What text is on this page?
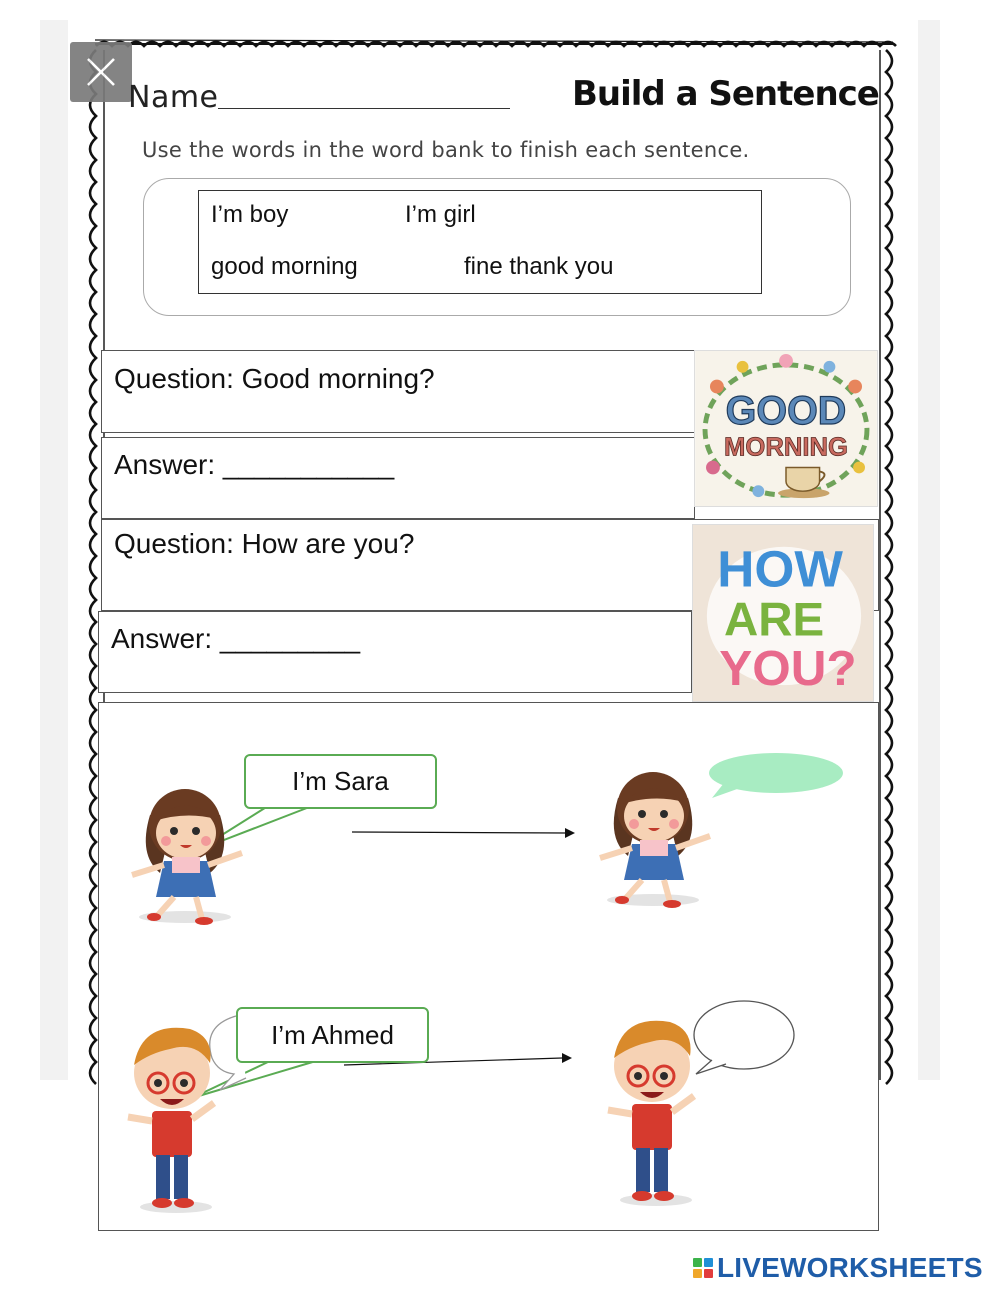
Name	Build a Sentence
Use the words in the word bank to finish each sentence.
I’m boy	I’m girl
good morning	fine thank you
Question: Good morning?
Answer: ___________
Question: How are you?
Answer: _________
GOOD
MORNING
HOW
ARE
YOU?
I’m Sara
I’m Ahmed
LIVEWORKSHEETS
